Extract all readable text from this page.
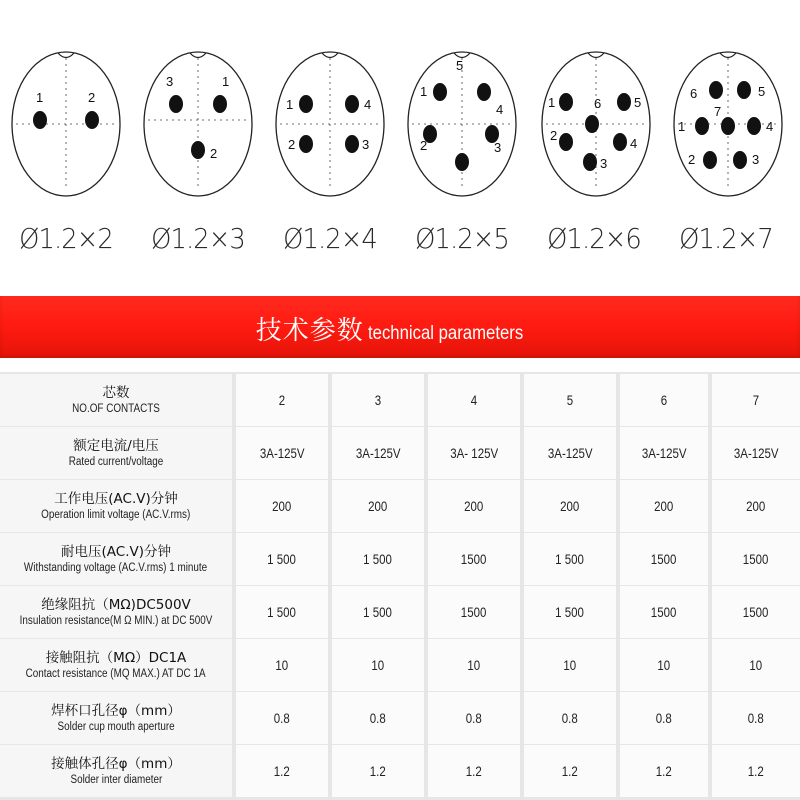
1	2
3	1
2
1	4
2	3
1
4
2	3
5
1	6	5
2
4
3
6
7
5
1	4
2	3
Ø1.2×2	Ø1.2×3	Ø1.2×4	Ø1.2×5	Ø1.2×6	Ø1.2×7
技术参数 technical parameters
芯数
NO.OF CONTACTS
2	3	4	5	6	7
额定电流/电压
Rated current/voltage
3A-125V	3A-125V	3A- 125V	3A-125V	3A-125V	3A-125V
工作电压(AC.V)分钟
Operation limit voltage (AC.V.rms)
200	200	200	200	200	200
耐电压(AC.V)分钟
Withstanding voltage (AC.V.rms) 1 minute
1 500	1 500	1500	1 500	1500	1500
绝缘阻抗（MΩ)DC500V
Insulation resistance(M Ω MIN.) at DC 500V
1 500	1 500	1500	1 500	1500	1500
接触阻抗（MΩ）DC1A
Contact resistance (MQ MAX.) AT DC 1A
10	10	10	10	10	10
焊杯口孔径φ（mm）
Solder cup mouth aperture
0.8	0.8	0.8	0.8	0.8	0.8
接触体孔径φ（mm）
Solder inter diameter
1.2	1.2	1.2	1.2	1.2	1.2
